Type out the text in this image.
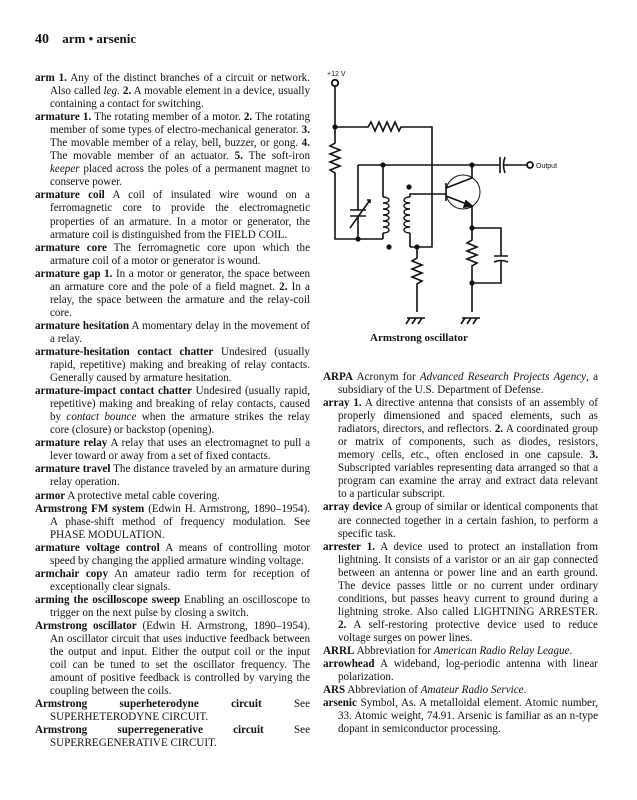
40 arm • arsenic

arm 1. Any of the distinct branches of a circuit or network. Also called leg. 2. A movable element in a device, usually containing a contact for switching.

armature 1. The rotating member of a motor. 2. The rotating member of some types of electro-mechanical generator. 3. The movable member of a relay, bell, buzzer, or gong. 4. The movable member of an actuator. 5. The soft-iron keeper placed across the poles of a permanent magnet to conserve power.

armature coil A coil of insulated wire wound on a ferromagnetic core to provide the electromagnetic properties of an armature. In a motor or generator, the armature coil is distinguished from the FIELD COIL.

armature core The ferromagnetic core upon which the armature coil of a motor or generator is wound.

armature gap 1. In a motor or generator, the space between an armature core and the pole of a field magnet. 2. In a relay, the space between the armature and the relay-coil core.

armature hesitation A momentary delay in the movement of a relay.

armature-hesitation contact chatter Undesired (usually rapid, repetitive) making and breaking of relay contacts. Generally caused by armature hesitation.

armature-impact contact chatter Undesired (usually rapid, repetitive) making and breaking of relay contacts, caused by contact bounce when the armature strikes the relay core (closure) or backstop (opening).

armature relay A relay that uses an electromagnet to pull a lever toward or away from a set of fixed contacts.

armature travel The distance traveled by an armature during relay operation.

armor A protective metal cable covering.

Armstrong FM system (Edwin H. Armstrong, 1890–1954). A phase-shift method of frequency modulation. See PHASE MODULATION.

armature voltage control A means of controlling motor speed by changing the applied armature winding voltage.

armchair copy An amateur radio term for reception of exceptionally clear signals.

arming the oscilloscope sweep Enabling an oscilloscope to trigger on the next pulse by closing a switch.

Armstrong oscillator (Edwin H. Armstrong, 1890–1954). An oscillator circuit that uses inductive feedback between the output and input. Either the output coil or the input coil can be tuned to set the oscillator frequency. The amount of positive feedback is controlled by varying the coupling between the coils.

Armstrong superheterodyne circuit See SUPERHETERODYNE CIRCUIT.

Armstrong superregenerative circuit See SUPERREGENERATIVE CIRCUIT.

ARPA Acronym for Advanced Research Projects Agency, a subsidiary of the U.S. Department of Defense.

array 1. A directive antenna that consists of an assembly of properly dimensioned and spaced elements, such as radiators, directors, and reflectors. 2. A coordinated group or matrix of components, such as diodes, resistors, memory cells, etc., often enclosed in one capsule. 3. Subscripted variables representing data arranged so that a program can examine the array and extract data relevant to a particular subscript.

array device A group of similar or identical components that are connected together in a certain fashion, to perform a specific task.

arrester 1. A device used to protect an installation from lightning. It consists of a varistor or an air gap connected between an antenna or power line and an earth ground. The device passes little or no current under ordinary conditions, but passes heavy current to ground during a lightning stroke. Also called LIGHTNING ARRESTER. 2. A self-restoring protective device used to reduce voltage surges on power lines.

ARRL Abbreviation for American Radio Relay League.

arrowhead A wideband, log-periodic antenna with linear polarization.

ARS Abbreviation of Amateur Radio Service.

arsenic Symbol, As. A metalloidal element. Atomic number, 33. Atomic weight, 74.91. Arsenic is familiar as an n-type dopant in semiconductor processing.

+12 V
Output
Armstrong oscillator
